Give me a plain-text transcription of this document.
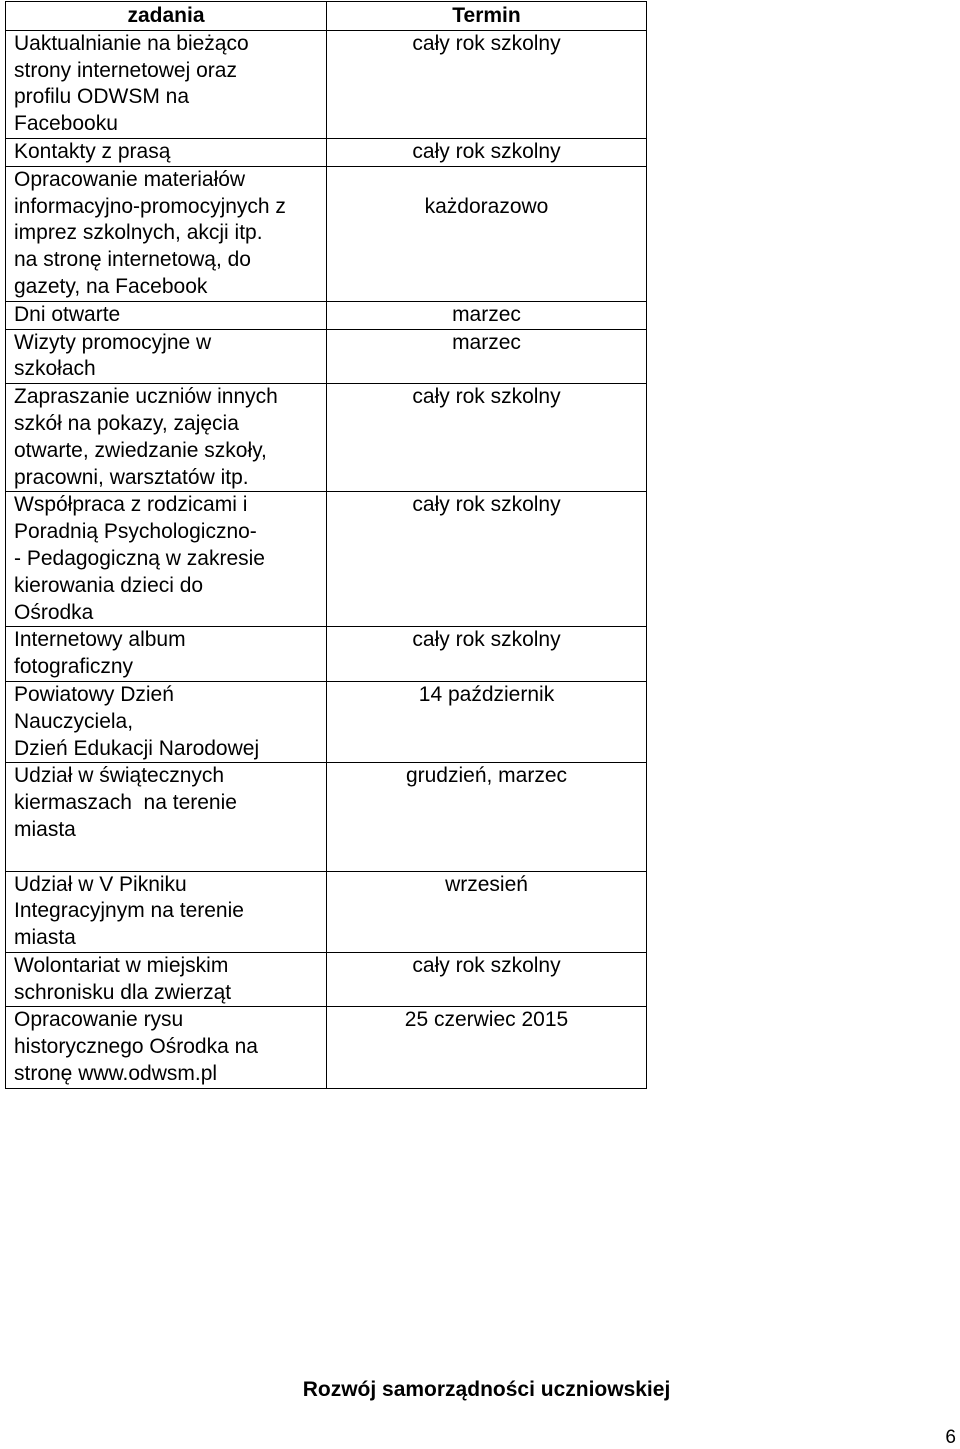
zadania	Termin

Uaktualnianie na bieżąco
strony internetowej oraz
profilu ODWSM na
Facebooku	cały rok szkolny

Kontakty z prasą	cały rok szkolny

Opracowanie materiałów
informacyjno-promocyjnych z
imprez szkolnych, akcji itp.
na stronę internetową, do
gazety, na Facebook	każdorazowo

Dni otwarte	marzec

Wizyty promocyjne w
szkołach	marzec

Zapraszanie uczniów innych
szkół na pokazy, zajęcia
otwarte, zwiedzanie szkoły,
pracowni, warsztatów itp.	cały rok szkolny

Współpraca z rodzicami i
Poradnią Psychologiczno-
- Pedagogiczną w zakresie
kierowania dzieci do
Ośrodka	cały rok szkolny

Internetowy album
fotograficzny	cały rok szkolny

Powiatowy Dzień
Nauczyciela,
Dzień Edukacji Narodowej	14 październik

Udział w świątecznych
kiermaszach  na terenie
miasta	grudzień, marzec

Udział w V Pikniku
Integracyjnym na terenie
miasta	wrzesień

Wolontariat w miejskim
schronisku dla zwierząt	cały rok szkolny

Opracowanie rysu
historycznego Ośrodka na
stronę www.odwsm.pl	25 czerwiec 2015
Rozwój samorządności uczniowskiej
6
